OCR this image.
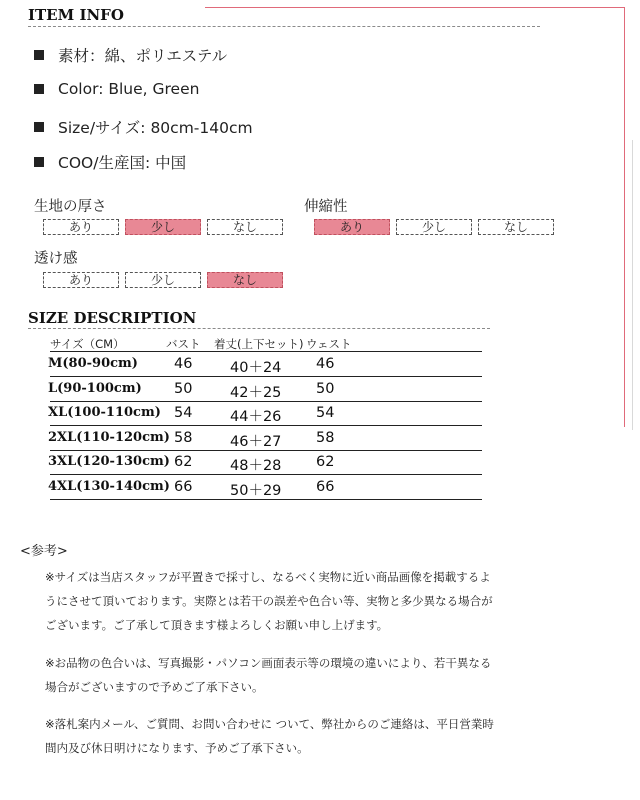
ITEM INFO
素材：綿、ポリエステル
Color: Blue, Green
Size/サイズ: 80cm-140cm
COO/生産国: 中国
生地の厚さ
あり	少し	なし
伸縮性
あり	少し	なし
透け感
あり	少し	なし
SIZE DESCRIPTION
サイズ（CM）	バスト 着丈(上下セット) ウェスト
M(80-90cm) 46	40＋24 46
L(90-100cm) 50	42＋25 50
XL(100-110cm) 54	44＋26 54
2XL(110-120cm) 58	46＋27 58
3XL(120-130cm) 62	48＋28 62
4XL(130-140cm) 66	50＋29 66
<参考>
※サイズは当店スタッフが平置きで採寸し、なるべく実物に近い商品画像を掲載するよ
うにさせて頂いております。実際とは若干の誤差や色合い等、実物と多少異なる場合が
ございます。ご了承して頂きます様よろしくお願い申し上げます。
※お品物の色合いは、写真撮影・パソコン画面表示等の環境の違いにより、若干異なる
場合がございますので予めご了承下さい。
※落札案内メール、ご質問、お問い合わせに ついて、弊社からのご連絡は、平日営業時
間内及び休日明けになります、予めご了承下さい。
